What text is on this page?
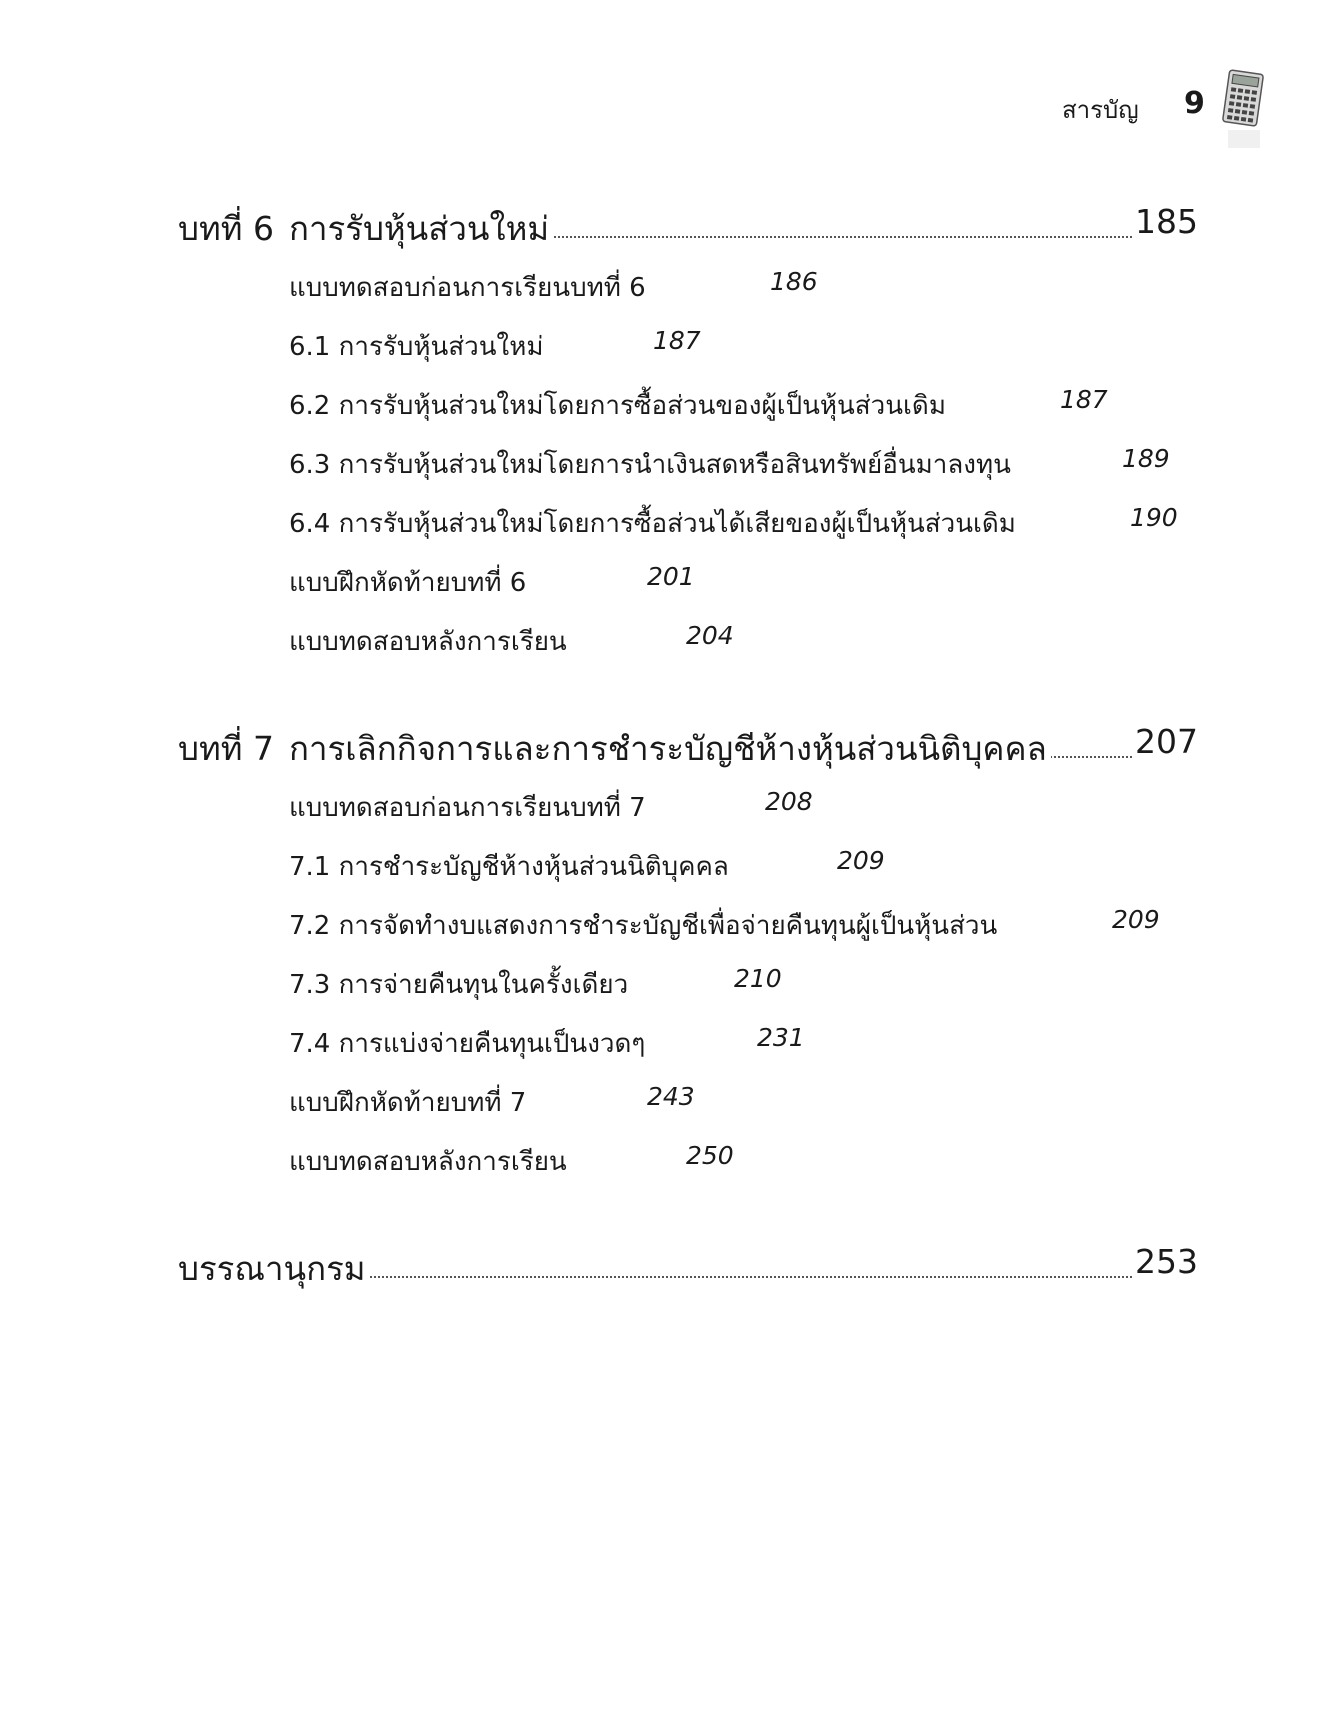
สารบัญ 9
บทที่ 6 การรับหุ้นส่วนใหม่	185
แบบทดสอบก่อนการเรียนบทที่ 6	186
6.1 การรับหุ้นส่วนใหม่	187
6.2 การรับหุ้นส่วนใหม่โดยการซื้อส่วนของผู้เป็นหุ้นส่วนเดิม	187
6.3 การรับหุ้นส่วนใหม่โดยการนำเงินสดหรือสินทรัพย์อื่นมาลงทุน	189
6.4 การรับหุ้นส่วนใหม่โดยการซื้อส่วนได้เสียของผู้เป็นหุ้นส่วนเดิม	190
แบบฝึกหัดท้ายบทที่ 6	201
แบบทดสอบหลังการเรียน	204
บทที่ 7 การเลิกกิจการและการชำระบัญชีห้างหุ้นส่วนนิติบุคคล	207
แบบทดสอบก่อนการเรียนบทที่ 7	208
7.1 การชำระบัญชีห้างหุ้นส่วนนิติบุคคล	209
7.2 การจัดทำงบแสดงการชำระบัญชีเพื่อจ่ายคืนทุนผู้เป็นหุ้นส่วน	209
7.3 การจ่ายคืนทุนในครั้งเดียว	210
7.4 การแบ่งจ่ายคืนทุนเป็นงวดๆ	231
แบบฝึกหัดท้ายบทที่ 7	243
แบบทดสอบหลังการเรียน	250
บรรณานุกรม	253
